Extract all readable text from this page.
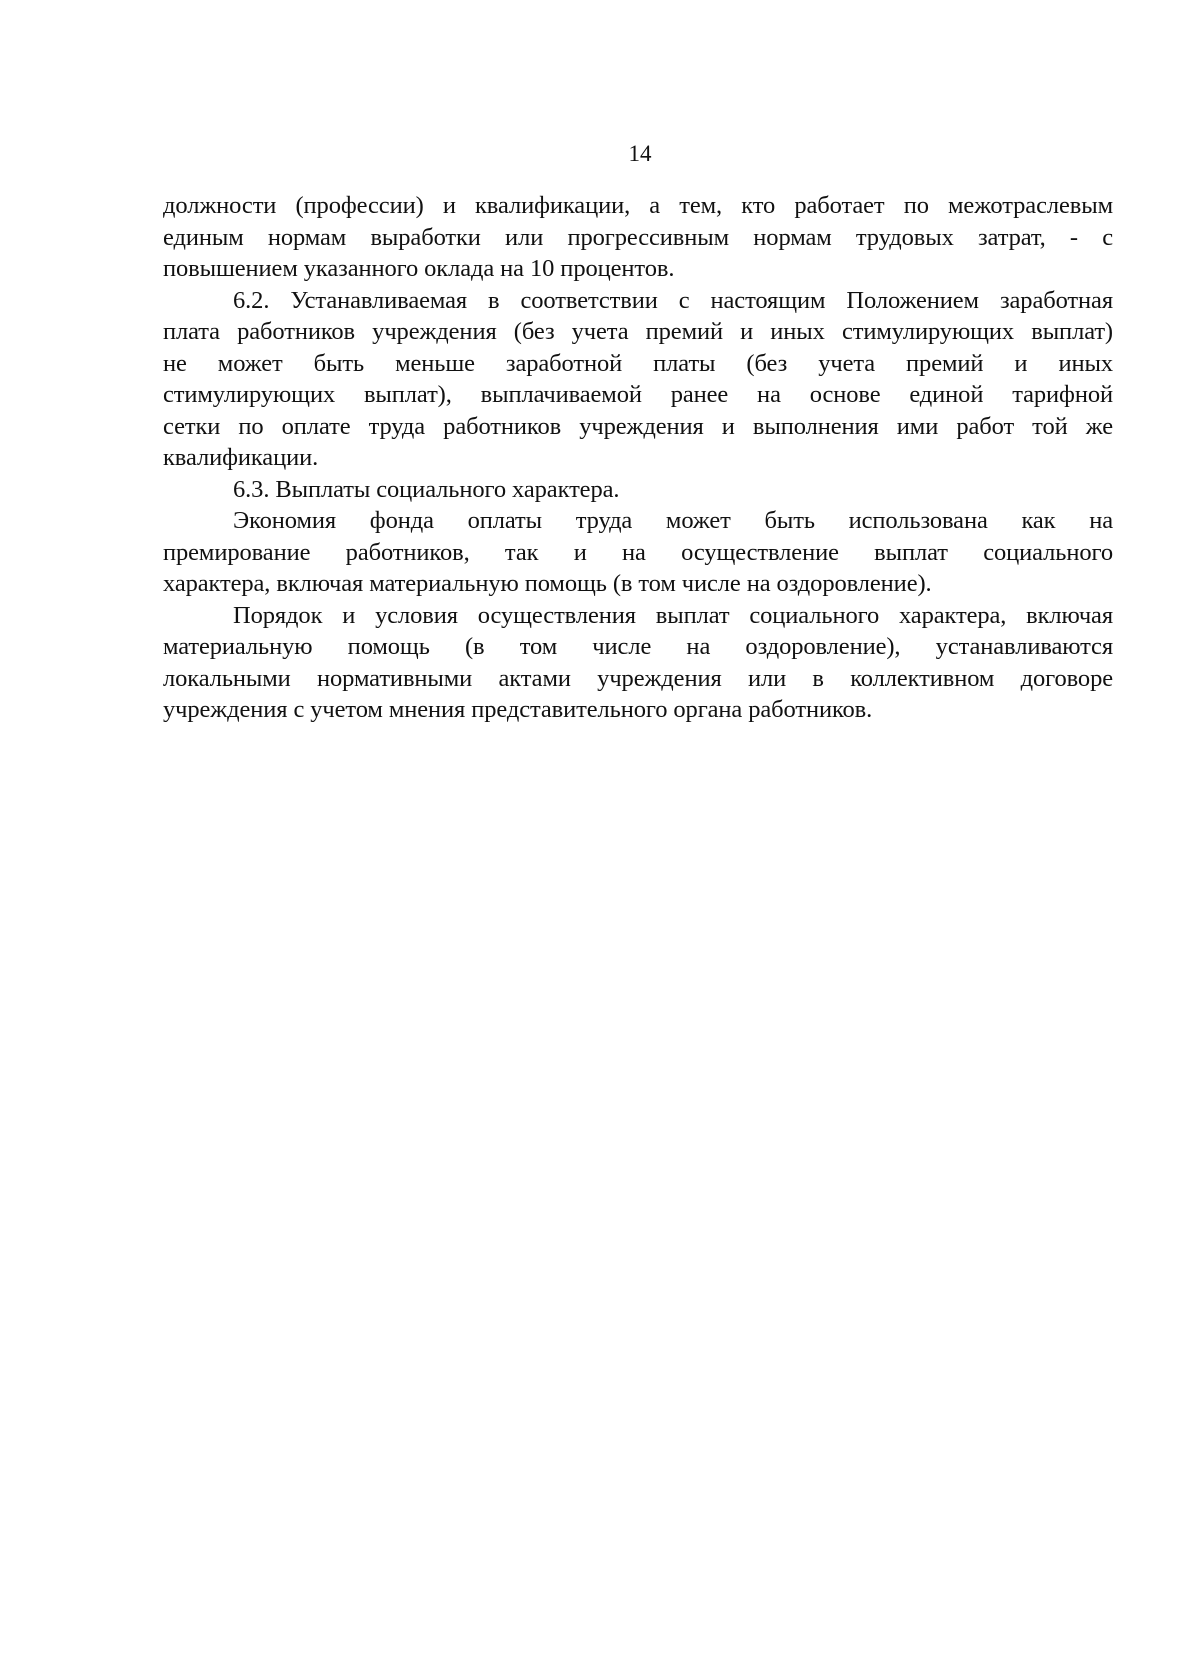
14

должности (профессии) и квалификации, а тем, кто работает по межотраслевым
единым нормам выработки или прогрессивным нормам трудовых затрат, - с
повышением указанного оклада на 10 процентов.

6.2. Устанавливаемая в соответствии с настоящим Положением заработная
плата работников учреждения (без учета премий и иных стимулирующих выплат)
не может быть меньше заработной платы (без учета премий и иных
стимулирующих выплат), выплачиваемой ранее на основе единой тарифной
сетки по оплате труда работников учреждения и выполнения ими работ той же
квалификации.

6.3. Выплаты социального характера.

Экономия фонда оплаты труда может быть использована как на
премирование работников, так и на осуществление выплат социального
характера, включая материальную помощь (в том числе на оздоровление).

Порядок и условия осуществления выплат социального характера, включая
материальную помощь (в том числе на оздоровление), устанавливаются
локальными нормативными актами учреждения или в коллективном договоре
учреждения с учетом мнения представительного органа работников.
